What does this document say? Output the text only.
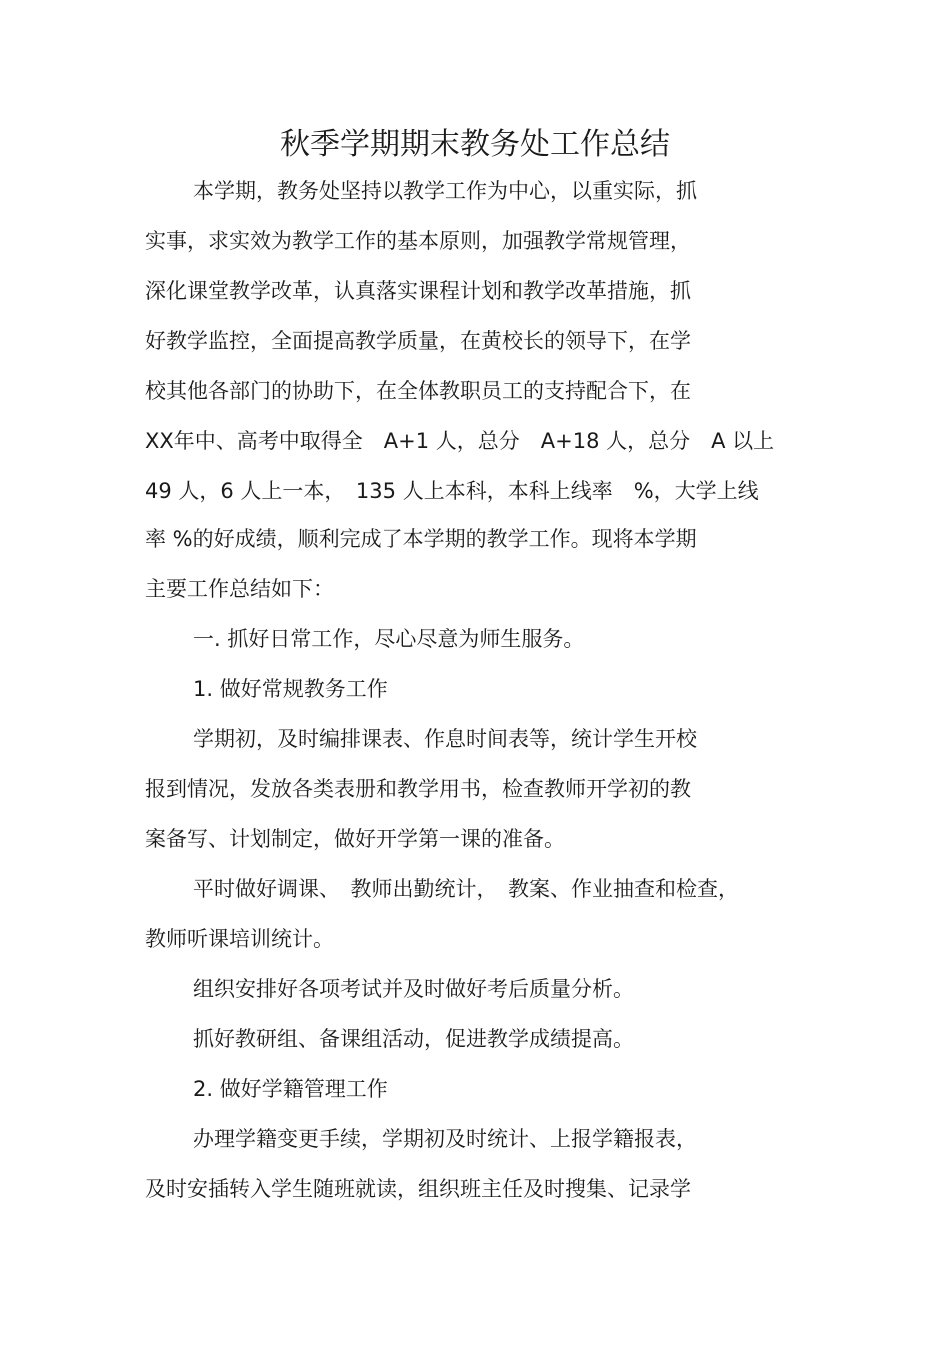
秋季学期期末教务处工作总结
本学期，教务处坚持以教学工作为中心，以重实际，抓
实事，求实效为教学工作的基本原则，加强教学常规管理，
深化课堂教学改革，认真落实课程计划和教学改革措施，抓
好教学监控，全面提高教学质量，在黄校长的领导下，在学
校其他各部门的协助下，在全体教职员工的支持配合下，在
XX年中、高考中取得全　A+1 人，总分　A+18 人，总分　A 以上
49 人，6 人上一本，　135 人上本科，本科上线率　%，大学上线
率 %的好成绩，顺利完成了本学期的教学工作。现将本学期
主要工作总结如下：
一. 抓好日常工作，尽心尽意为师生服务。
1. 做好常规教务工作
学期初，及时编排课表、作息时间表等，统计学生开校
报到情况，发放各类表册和教学用书，检查教师开学初的教
案备写、计划制定，做好开学第一课的准备。
平时做好调课、　教师出勤统计，　教案、作业抽查和检查，
教师听课培训统计。
组织安排好各项考试并及时做好考后质量分析。
抓好教研组、备课组活动，促进教学成绩提高。
2. 做好学籍管理工作
办理学籍变更手续，学期初及时统计、上报学籍报表，
及时安插转入学生随班就读，组织班主任及时搜集、记录学
